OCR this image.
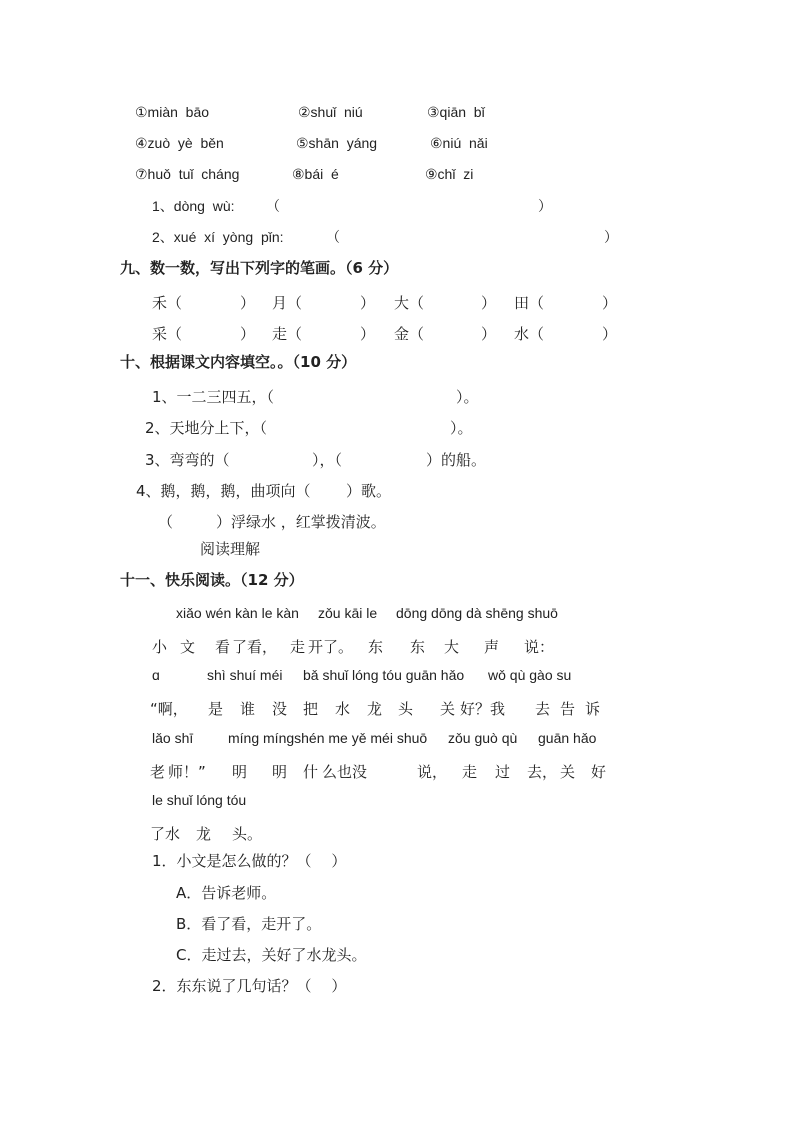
①miàn  bāo	②shuǐ  niú	③qiān  bǐ
④zuò  yè  běn	⑤shān  yáng	⑥niú  nǎi
⑦huǒ  tuǐ  cháng	⑧bái  é	⑨chǐ  zi
1、dòng  wù: （	）
2、xué  xí  yòng  pǐn:	（	）
九、数一数，写出下列字的笔画。（6 分）
禾（	） 月（	） 大（	） 田（	）
采（	） 走（	） 金（	） 水（	）
十、根据课文内容填空。。（10 分）
1、一二三四五，（	）。
2、天地分上下，（	）。
3、弯弯的（	），（	）的船。
4、鹅，鹅，鹅，曲项向（ ）歌。
（	）浮绿水 ，红掌拨清波。
阅读理解
十一、快乐阅读。（12 分）
xiǎo wén kàn le kàn zǒu kāi le dōng dōng dà shēng shuō
小 文 看 了看， 走 开了。 东 东 大 声 说：
ɑ	shì shuí méi bǎ shuǐ lóng tóu guān hǎo wǒ qù gào su
“啊， 是 谁 没 把 水 龙 头 关 好？我 去 告 诉
lǎo shī míng míngshén me yě méi shuō zǒu guò qù guān hǎo
老 师！” 明 明 什 么也没	说， 走 过 去， 关 好
le shuǐ lóng tóu
了水 龙 头。
1．小文是怎么做的？（　 ）
A．告诉老师。
B．看了看，走开了。
C．走过去，关好了水龙头。
2．东东说了几句话？（　 ）
